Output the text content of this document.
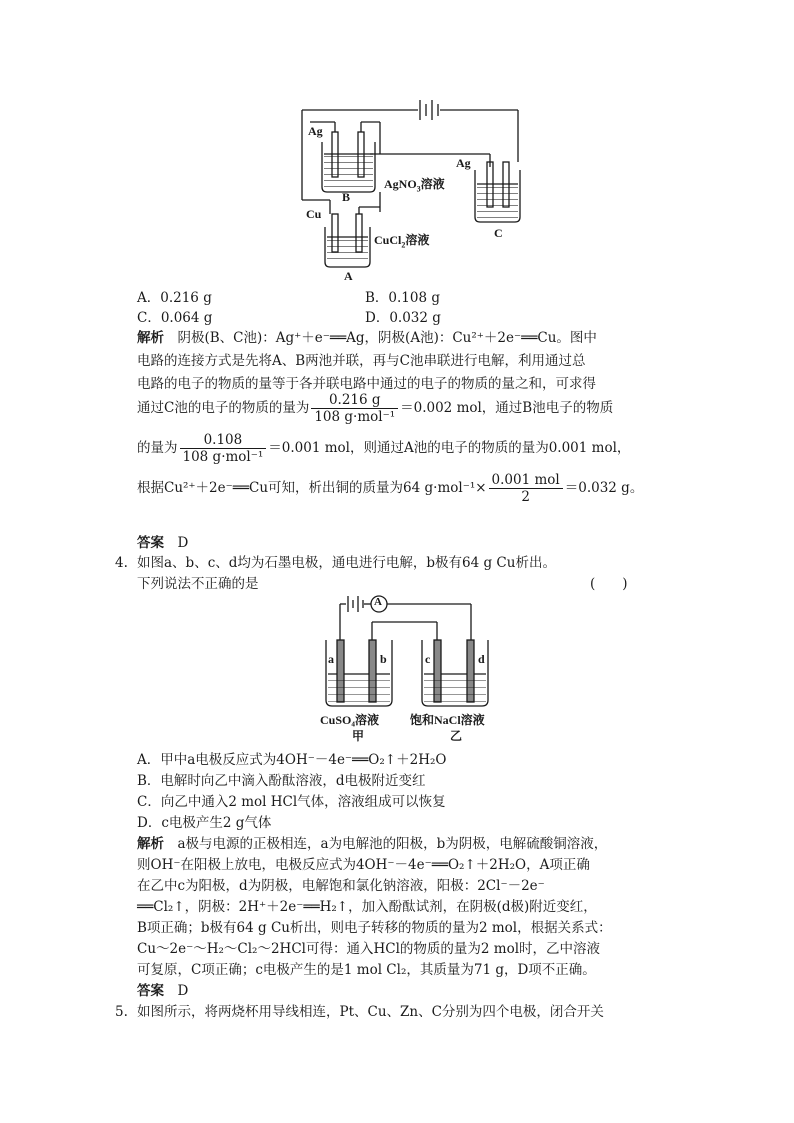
Ag
Ag
AgNO$_3$溶液
B
C
Cu
CuCl$_2$溶液
A
A．0.216 g	B．0.108 g
C．0.064 g	D．0.032 g
解析　 阴极(B、C池)：Ag⁺＋e⁻══Ag，阴极(A池)：Cu²⁺＋2e⁻══Cu。图中
电路的连接方式是先将A、B两池并联，再与C池串联进行电解，利用通过总
电路的电子的物质的量等于各并联电路中通过的电子的物质的量之和，可求得
通过C池的电子的物质的量为 $\frac{0.216 g}{\text{108 g·mol⁻¹}} =0.002$ mol，通过B池电子的物质
的量为 $\frac{0.108}{\text{108 g·mol⁻¹}} =0.001$ mol，则通过A池的电子的物质的量为0.001 mol，
根据Cu²⁺＋2e⁻══Cu可知，析出铜的质量为64 $g\cdot mol^{-1}\times \frac{\text{0.001 mol}}{2} =0.032$ g。
答案　 D
4. 如图a、b、c、d均为石墨电极，通电进行电解，b极有64 g Cu析出。
下列说法不正确的是	(　　)
A
a	b	c	d
CuSO₄溶液	饱和NaCl溶液
甲	乙
A．甲中a电极反应式为4OH⁻－4e⁻══O₂↑＋2H₂O
B．电解时向乙中滴入酚酞溶液，d电极附近变红
C．向乙中通入2 mol HCl气体，溶液组成可以恢复
D．c电极产生2 g气体
解析　 a极与电源的正极相连，a为电解池的阳极，b为阴极，电解硫酸铜溶液，
则OH⁻在阳极上放电，电极反应式为4OH⁻－4e⁻══O₂↑＋2H₂O，A项正确
在乙中c为阳极，d为阴极，电解饱和氯化钠溶液，阳极：2Cl⁻－2e⁻
══Cl₂↑，阴极：2H⁺＋2e⁻══H₂↑，加入酚酞试剂，在阴极(d极)附近变红，
B项正确；b极有64 g Cu析出，则电子转移的物质的量为2 mol，根据关系式：
Cu～2e⁻～H₂～Cl₂～2HCl可得：通入HCl的物质的量为2 mol时，乙中溶液
可复原，C项正确；c电极产生的是1 mol Cl₂，其质量为71 g，D项不正确。
答案　 D
5. 如图所示，将两烧杯用导线相连，Pt、Cu、Zn、C分别为四个电极，闭合开关
